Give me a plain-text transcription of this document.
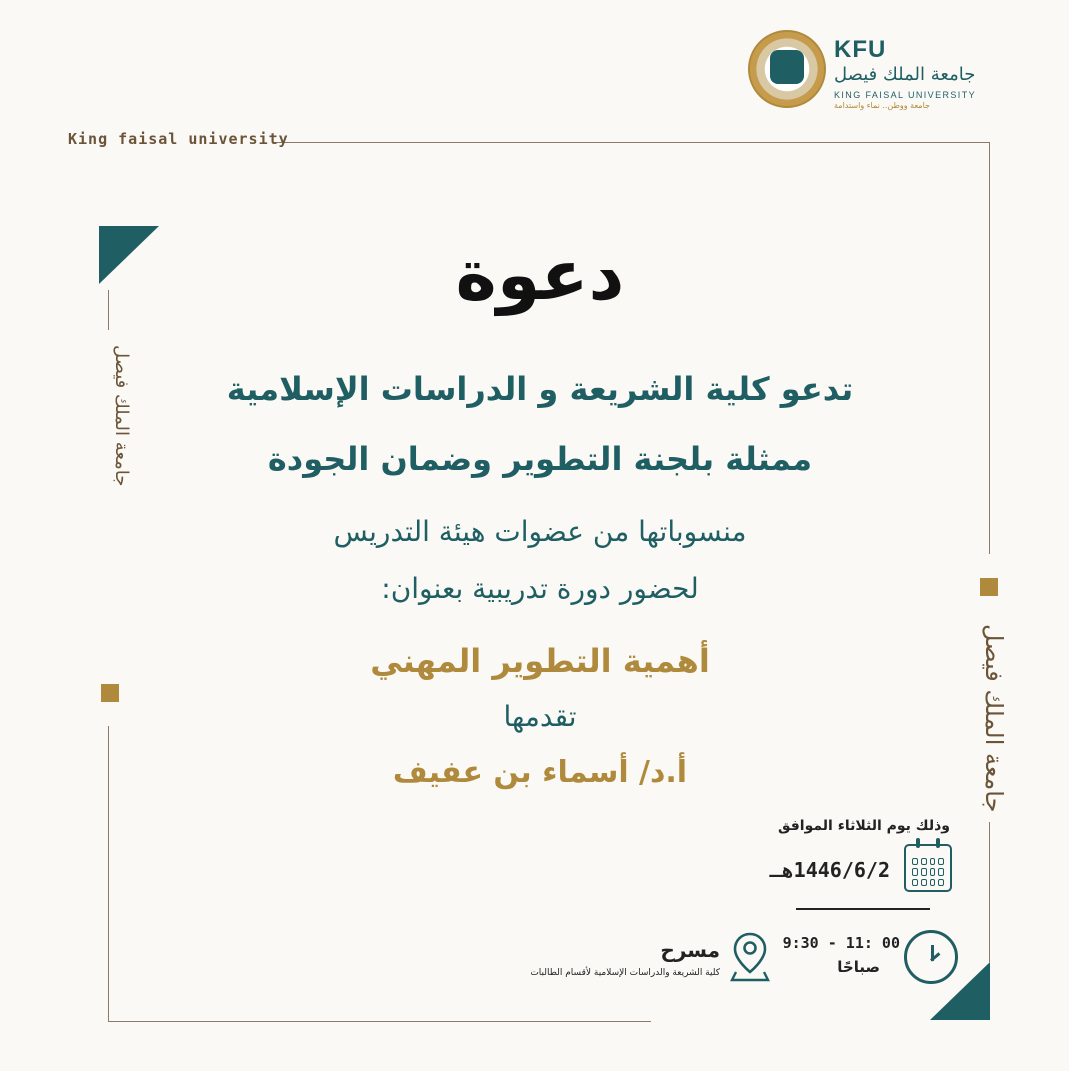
KFU
جامعة الملك فيصل
KING FAISAL UNIVERSITY
جامعة ووطن.. نماء واستدامة
King faisal university
جامعة الملك فيصل
جامعة الملك فيصل
دعوة
تدعو كلية الشريعة و الدراسات الإسلامية
ممثلة بلجنة التطوير وضمان الجودة
منسوباتها من عضوات هيئة التدريس
لحضور دورة تدريبية بعنوان:
أهمية التطوير المهني
تقدمها
أ.د/ أسماء بن عفيف
وذلك يوم الثلاثاء الموافق
1446/6/2هـ
9:30 - 11: 00
صباحًا
مسرح
كلية الشريعة والدراسات الإسلامية لأقسام الطالبات
